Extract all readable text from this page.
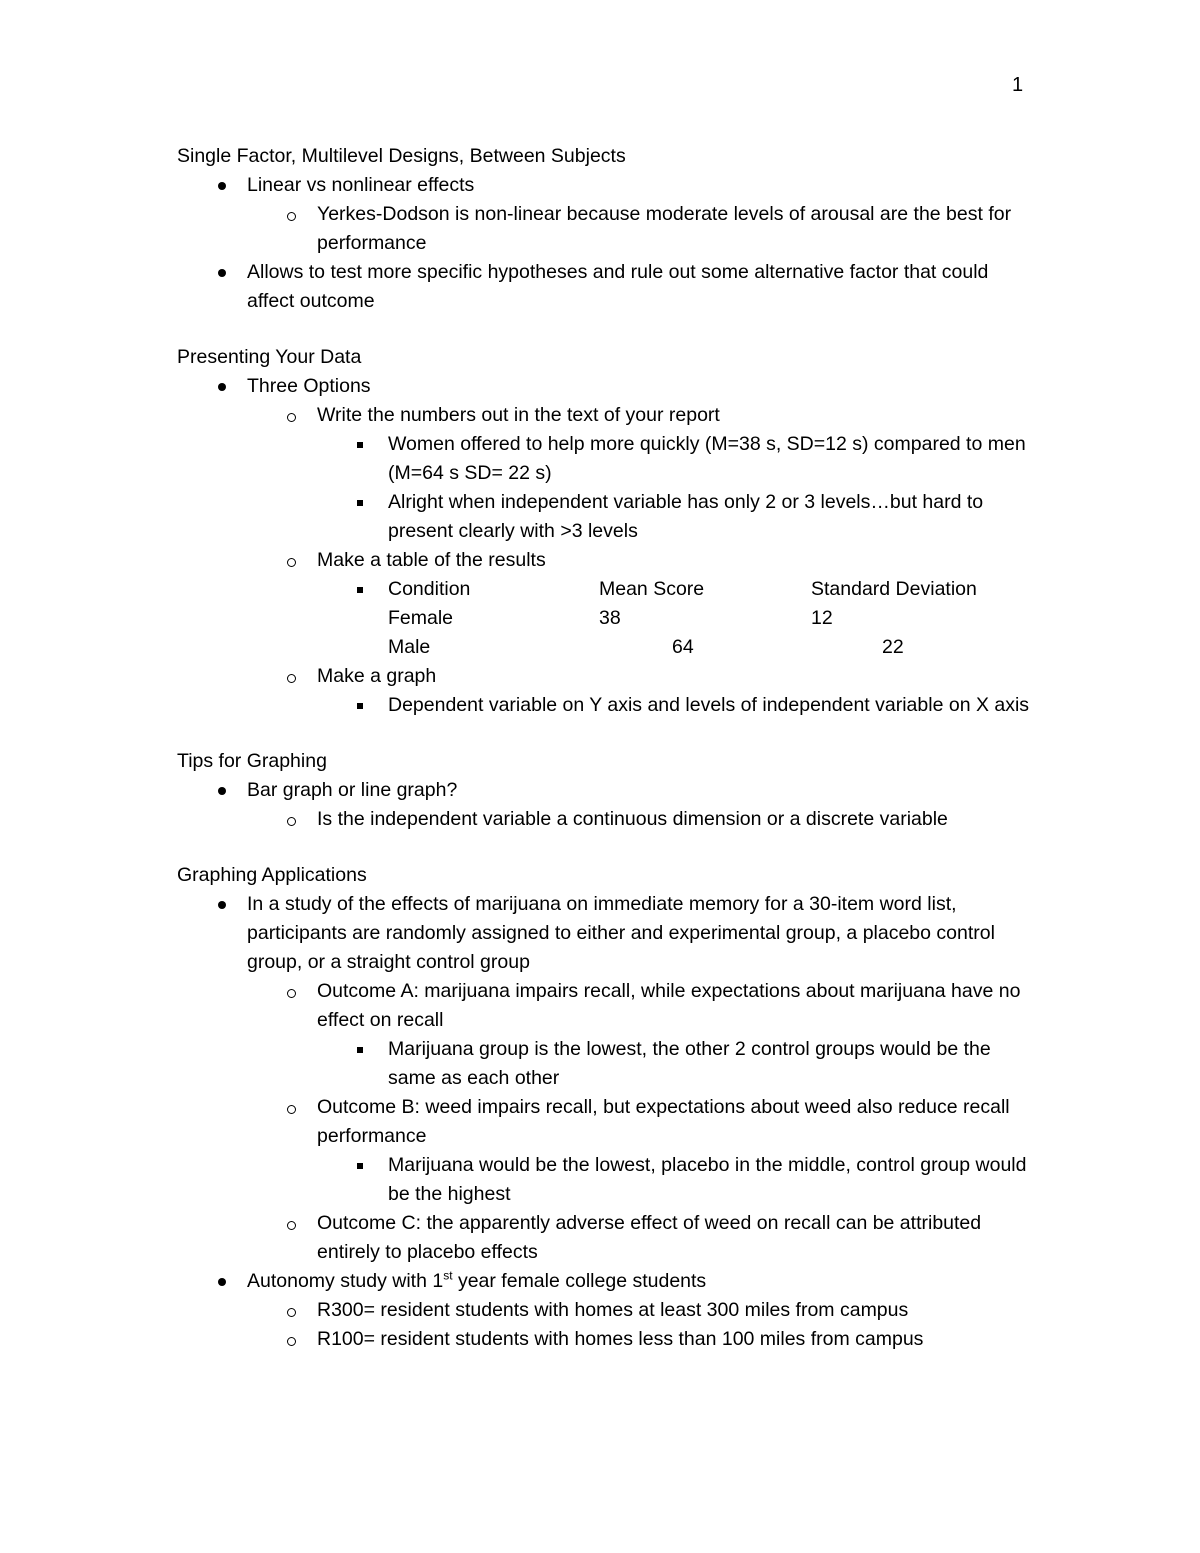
1

Single Factor, Multilevel Designs, Between Subjects

Linear vs nonlinear effects
Yerkes-Dodson is non-linear because moderate levels of arousal are the best for performance
Allows to test more specific hypotheses and rule out some alternative factor that could affect outcome

Presenting Your Data

Three Options
Write the numbers out in the text of your report
Women offered to help more quickly (M=38 s, SD=12 s) compared to men (M=64 s SD= 22 s)
Alright when independent variable has only 2 or 3 levels…but hard to present clearly with >3 levels
Make a table of the results
Condition	Mean Score	Standard Deviation
Female	38	12
Male	64	22
Make a graph
Dependent variable on Y axis and levels of independent variable on X axis

Tips for Graphing

Bar graph or line graph?
Is the independent variable a continuous dimension or a discrete variable

Graphing Applications

In a study of the effects of marijuana on immediate memory for a 30-item word list, participants are randomly assigned to either and experimental group, a placebo control group, or a straight control group
Outcome A: marijuana impairs recall, while expectations about marijuana have no effect on recall
Marijuana group is the lowest, the other 2 control groups would be the same as each other
Outcome B: weed impairs recall, but expectations about weed also reduce recall performance
Marijuana would be the lowest, placebo in the middle, control group would be the highest
Outcome C: the apparently adverse effect of weed on recall can be attributed entirely to placebo effects
Autonomy study with 1st year female college students
R300= resident students with homes at least 300 miles from campus
R100= resident students with homes less than 100 miles from campus
